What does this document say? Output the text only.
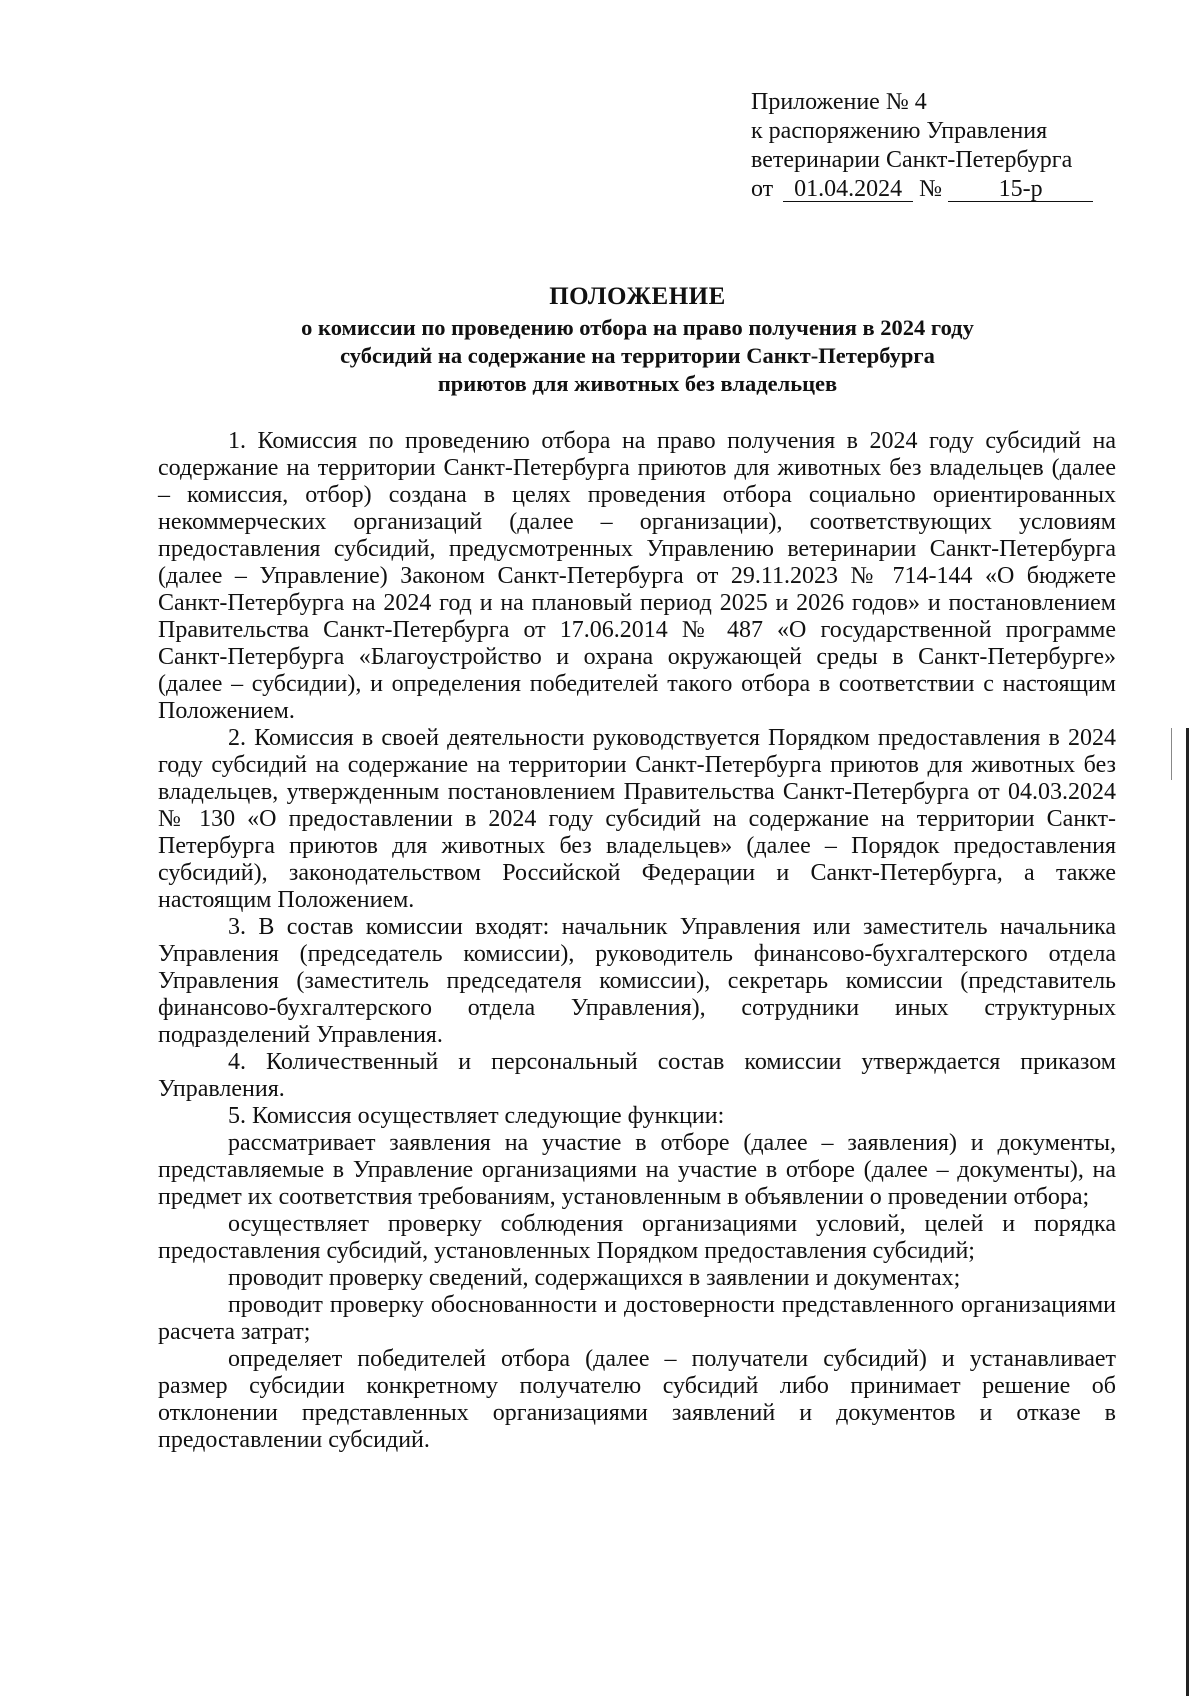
Приложение № 4
к распоряжению Управления
ветеринарии Санкт-Петербурга
от 01.04.2024 № 15-р
ПОЛОЖЕНИЕ
о комиссии по проведению отбора на право получения в 2024 году
субсидий на содержание на территории Санкт-Петербурга
приютов для животных без владельцев

1. Комиссия по проведению отбора на право получения в 2024 году субсидий на содержание на территории Санкт-Петербурга приютов для животных без владельцев (далее – комиссия, отбор) создана в целях проведения отбора социально ориентированных некоммерческих организаций (далее – организации), соответствующих условиям предоставления субсидий, предусмотренных Управлению ветеринарии Санкт-Петербурга (далее – Управление) Законом Санкт-Петербурга от 29.11.2023 № 714-144 «О бюджете Санкт-Петербурга на 2024 год и на плановый период 2025 и 2026 годов» и постановлением Правительства Санкт-Петербурга от 17.06.2014 № 487 «О государственной программе Санкт-Петербурга «Благоустройство и охрана окружающей среды в Санкт-Петербурге» (далее – субсидии), и определения победителей такого отбора в соответствии с настоящим Положением.

2. Комиссия в своей деятельности руководствуется Порядком предоставления в 2024 году субсидий на содержание на территории Санкт-Петербурга приютов для животных без владельцев, утвержденным постановлением Правительства Санкт-Петербурга от 04.03.2024 № 130 «О предоставлении в 2024 году субсидий на содержание на территории Санкт-Петербурга приютов для животных без владельцев» (далее – Порядок предоставления субсидий), законодательством Российской Федерации и Санкт-Петербурга, а также настоящим Положением.

3. В состав комиссии входят: начальник Управления или заместитель начальника Управления (председатель комиссии), руководитель финансово-бухгалтерского отдела Управления (заместитель председателя комиссии), секретарь комиссии (представитель финансово-бухгалтерского отдела Управления), сотрудники иных структурных подразделений Управления.

4. Количественный и персональный состав комиссии утверждается приказом Управления.

5. Комиссия осуществляет следующие функции:

рассматривает заявления на участие в отборе (далее – заявления) и документы, представляемые в Управление организациями на участие в отборе (далее – документы), на предмет их соответствия требованиям, установленным в объявлении о проведении отбора;

осуществляет проверку соблюдения организациями условий, целей и порядка предоставления субсидий, установленных Порядком предоставления субсидий;

проводит проверку сведений, содержащихся в заявлении и документах;

проводит проверку обоснованности и достоверности представленного организациями расчета затрат;

определяет победителей отбора (далее – получатели субсидий) и устанавливает размер субсидии конкретному получателю субсидий либо принимает решение об отклонении представленных организациями заявлений и документов и отказе в предоставлении субсидий.
